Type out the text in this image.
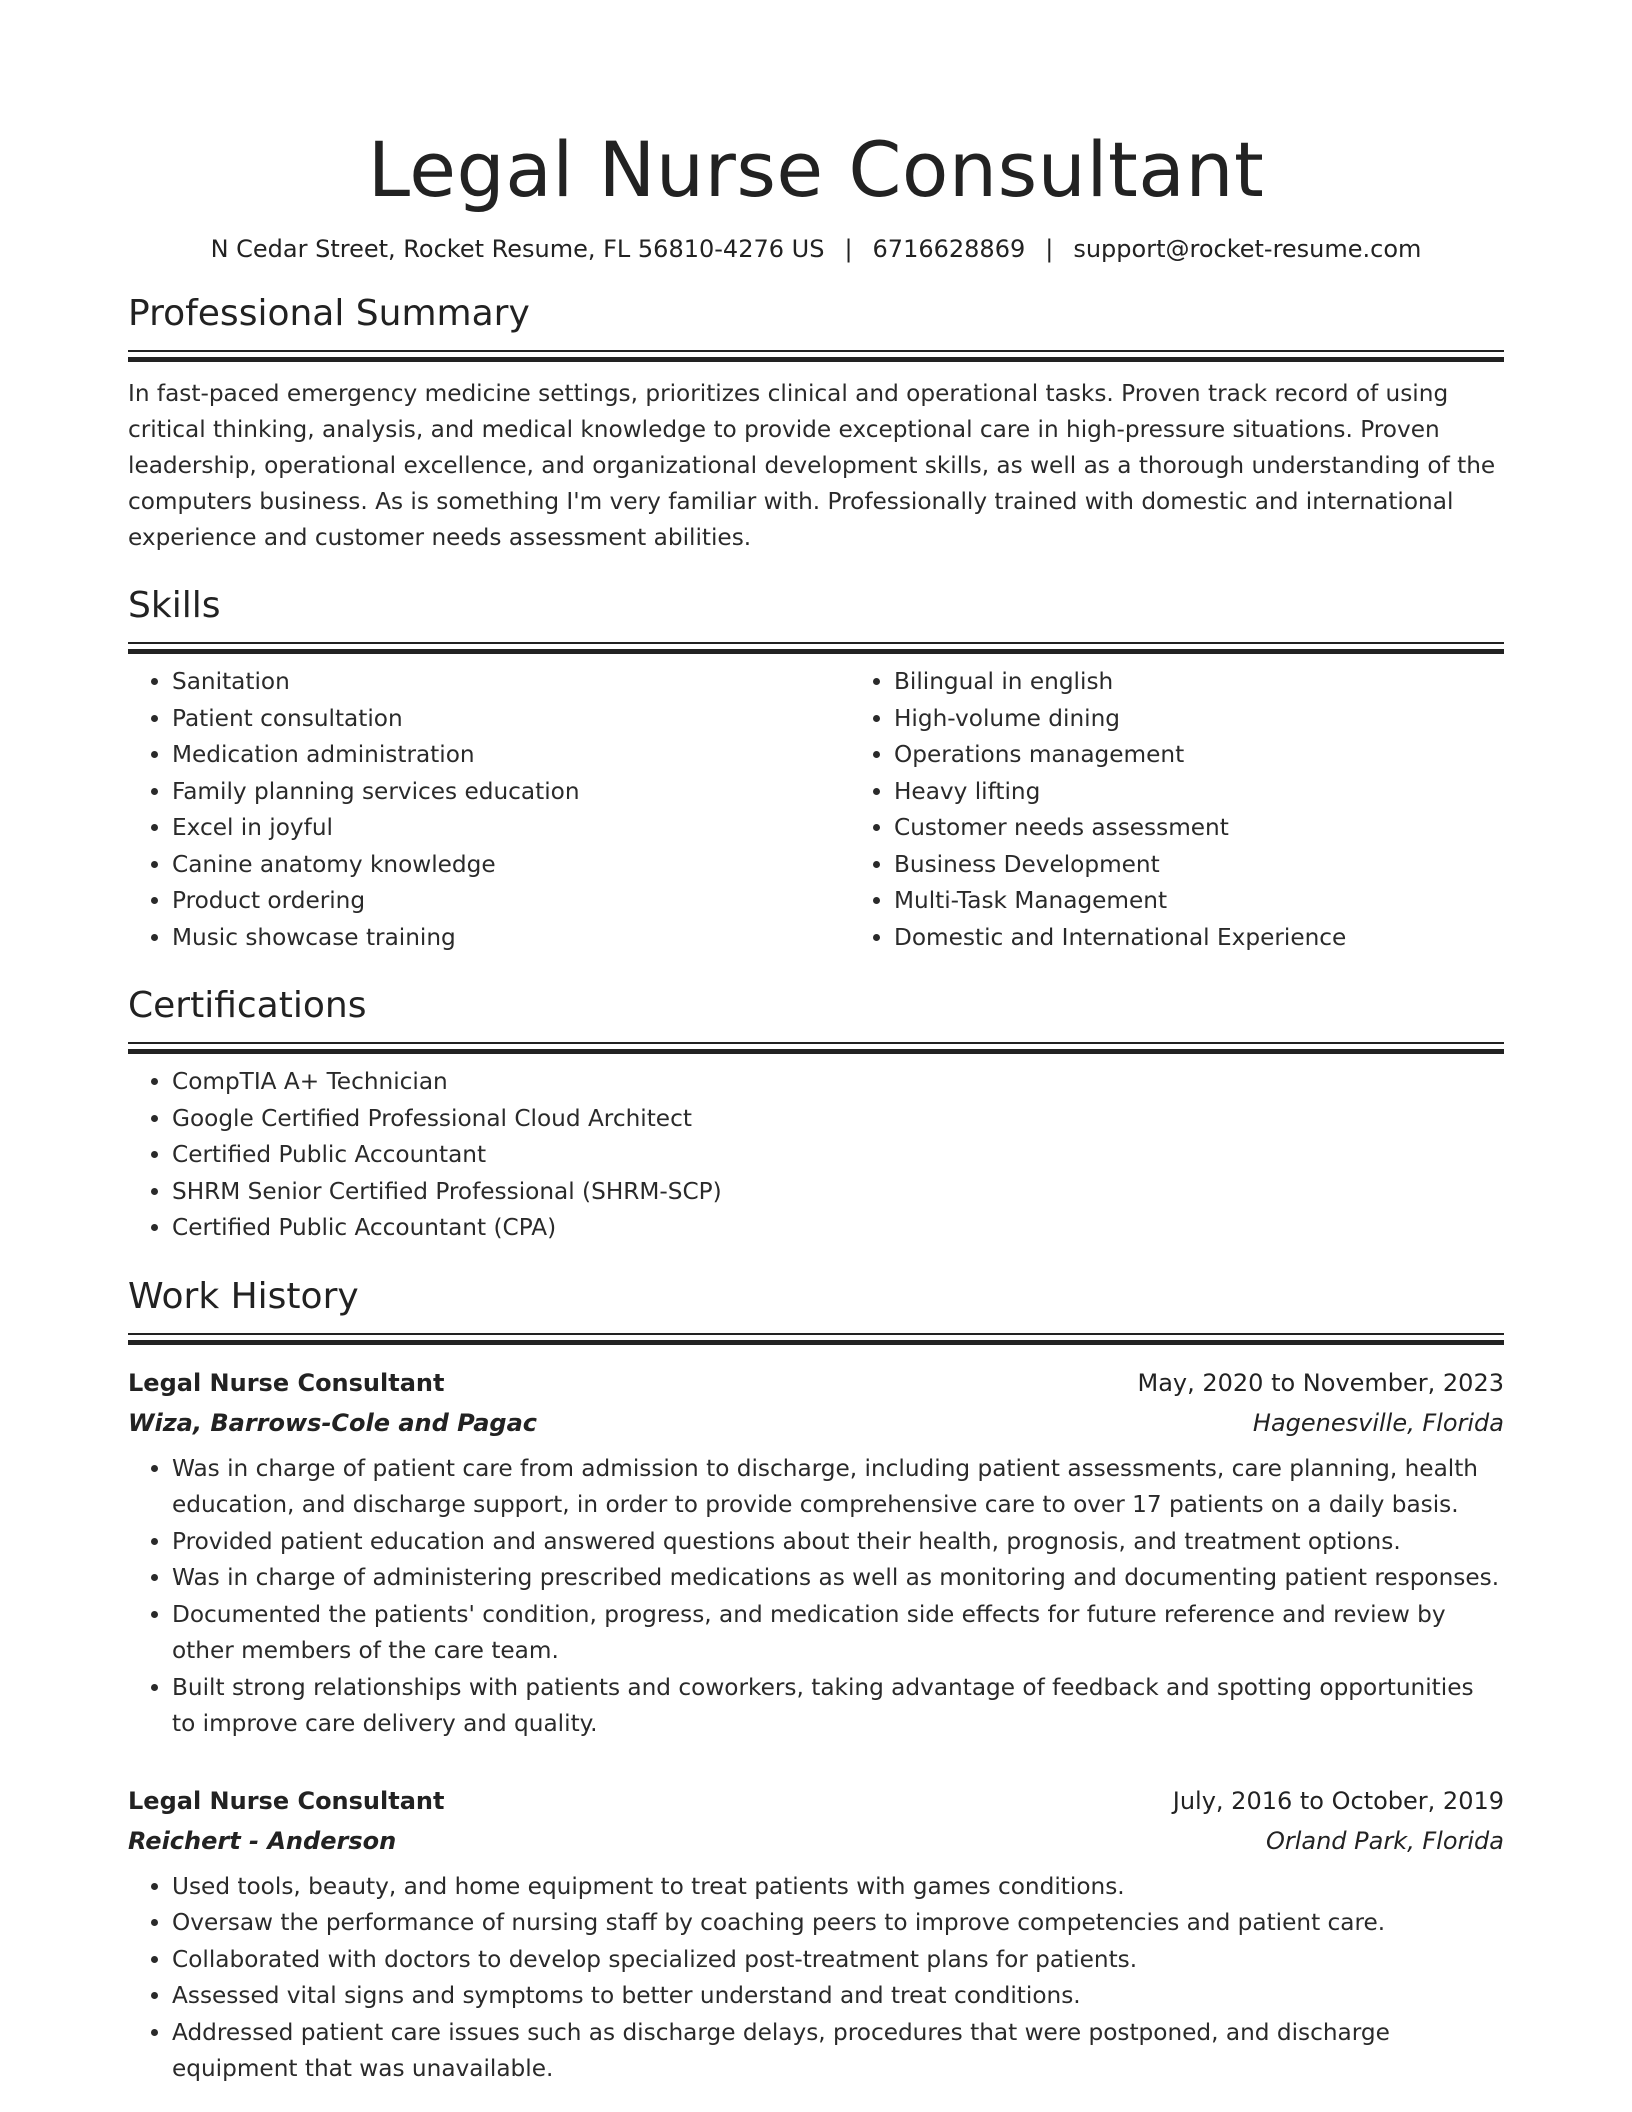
Legal Nurse Consultant
N Cedar Street, Rocket Resume, FL 56810-4276 US | 6716628869 | support@rocket-resume.com
Professional Summary
In fast-paced emergency medicine settings, prioritizes clinical and operational tasks. Proven track record of using critical thinking, analysis, and medical knowledge to provide exceptional care in high-pressure situations. Proven leadership, operational excellence, and organizational development skills, as well as a thorough understanding of the computers business. As is something I'm very familiar with. Professionally trained with domestic and international experience and customer needs assessment abilities.
Skills
• Sanitation
• Patient consultation
• Medication administration
• Family planning services education
• Excel in joyful
• Canine anatomy knowledge
• Product ordering
• Music showcase training
• Bilingual in english
• High-volume dining
• Operations management
• Heavy lifting
• Customer needs assessment
• Business Development
• Multi-Task Management
• Domestic and International Experience
Certifications
• CompTIA A+ Technician
• Google Certified Professional Cloud Architect
• Certified Public Accountant
• SHRM Senior Certified Professional (SHRM-SCP)
• Certified Public Accountant (CPA)
Work History
Legal Nurse Consultant	May, 2020 to November, 2023
Wiza, Barrows-Cole and Pagac	Hagenesville, Florida
• Was in charge of patient care from admission to discharge, including patient assessments, care planning, health education, and discharge support, in order to provide comprehensive care to over 17 patients on a daily basis.
• Provided patient education and answered questions about their health, prognosis, and treatment options.
• Was in charge of administering prescribed medications as well as monitoring and documenting patient responses.
• Documented the patients' condition, progress, and medication side effects for future reference and review by other members of the care team.
• Built strong relationships with patients and coworkers, taking advantage of feedback and spotting opportunities to improve care delivery and quality.
Legal Nurse Consultant	July, 2016 to October, 2019
Reichert - Anderson	Orland Park, Florida
• Used tools, beauty, and home equipment to treat patients with games conditions.
• Oversaw the performance of nursing staff by coaching peers to improve competencies and patient care.
• Collaborated with doctors to develop specialized post-treatment plans for patients.
• Assessed vital signs and symptoms to better understand and treat conditions.
• Addressed patient care issues such as discharge delays, procedures that were postponed, and discharge equipment that was unavailable.
